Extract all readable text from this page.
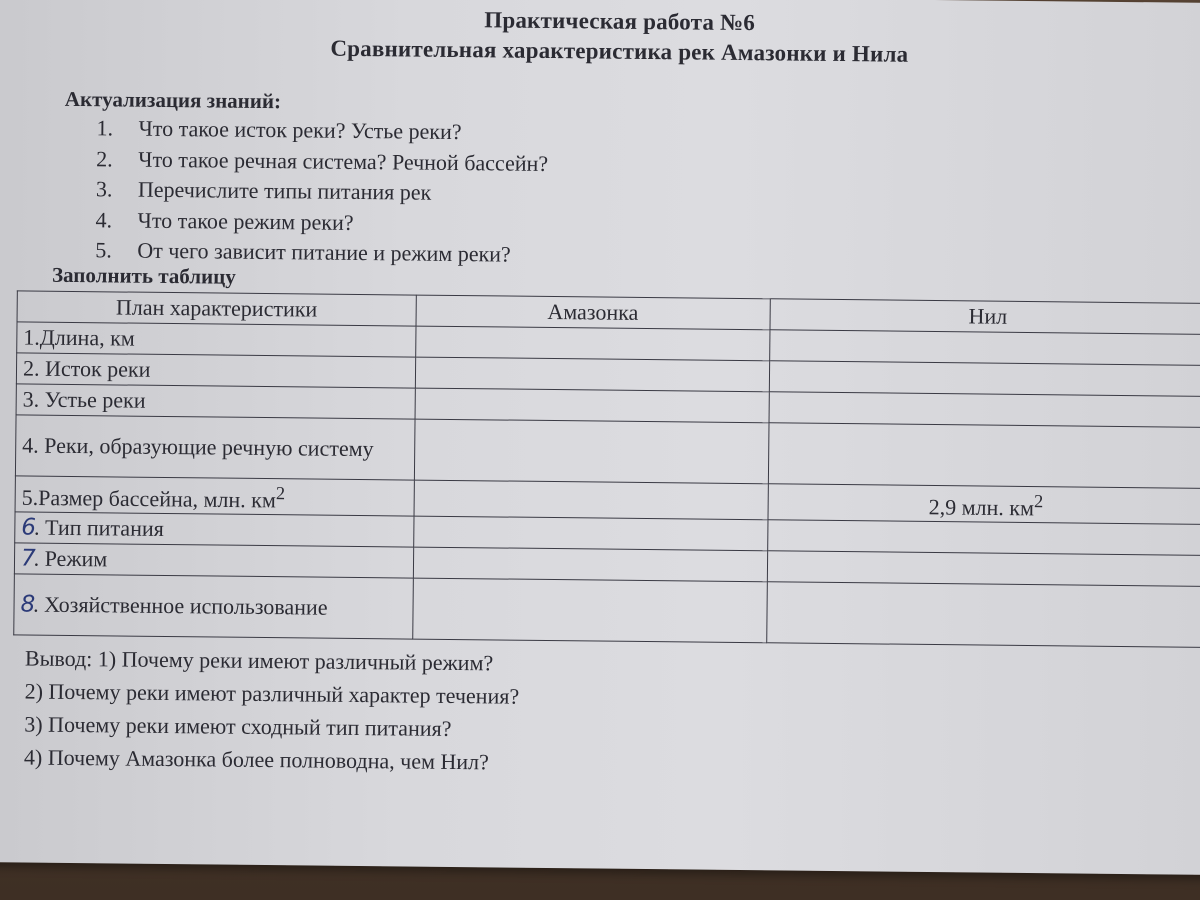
Практическая работа №6
Сравнительная характеристика рек Амазонки и Нила
Актуализация знаний:
1. Что такое исток реки? Устье реки?
2. Что такое речная система? Речной бассейн?
3. Перечислите типы питания рек
4. Что такое режим реки?
5. От чего зависит питание и режим реки?
Заполнить таблицу
План характеристики	Амазонка	Нил
1.Длина, км		
2. Исток реки		
3. Устье реки		
4. Реки, образующие речную систему		
5.Размер бассейна, млн. $км^2$		2,9 млн. $км^2$
6. Тип питания		
7. Режим		
8. Хозяйственное использование		
Вывод: 1) Почему реки имеют различный режим?
2) Почему реки имеют различный характер течения?
3) Почему реки имеют сходный тип питания?
4) Почему Амазонка более полноводна, чем Нил?
